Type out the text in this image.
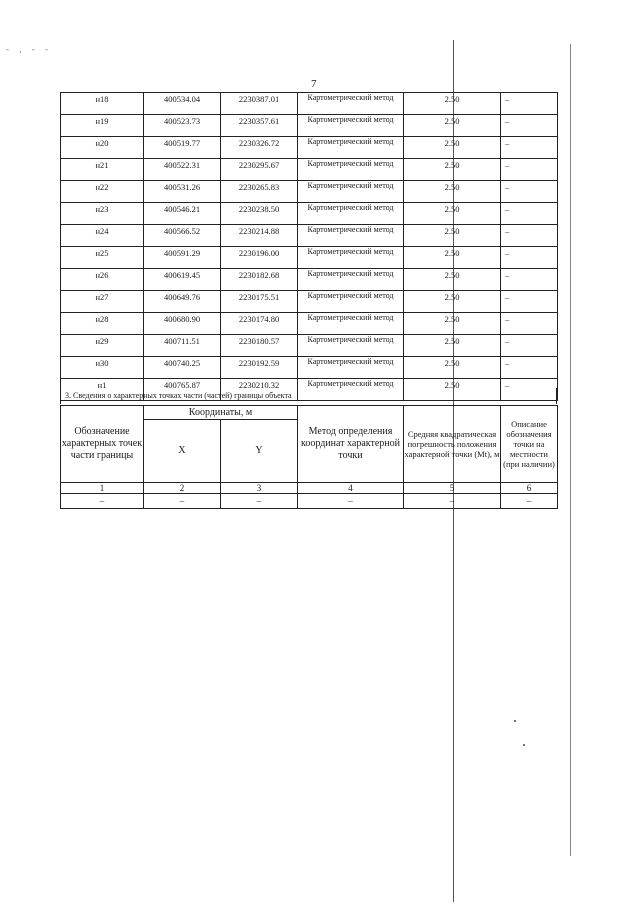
- , - -
7
н18	400534.04	2230387.01	Картометрический метод	2.50	–
н19	400523.73	2230357.61	Картометрический метод	2.50	–
н20	400519.77	2230326.72	Картометрический метод	2.50	–
н21	400522.31	2230295.67	Картометрический метод	2.50	–
н22	400531.26	2230265.83	Картометрический метод	2.50	–
н23	400546.21	2230238.50	Картометрический метод	2.50	–
н24	400566.52	2230214.88	Картометрический метод	2.50	–
н25	400591.29	2230196.00	Картометрический метод	2.50	–
н26	400619.45	2230182.68	Картометрический метод	2.50	–
н27	400649.76	2230175.51	Картометрический метод	2.50	–
н28	400680.90	2230174.80	Картометрический метод	2.50	–
н29	400711.51	2230180.57	Картометрический метод	2.50	–
н30	400740.25	2230192.59	Картометрический метод	2.50	–
н1	400765.87	2230210.32	Картометрический метод	2.50	–
3. Сведения о характерных точках части (частей) границы объекта
Обозначение характерных точек части границы	Координаты, м		Метод определения координат характерной точки	Средняя квадратическая погрешность положения характерной точки (Mt), м	Описание обозначения точки на местности (при наличии)
	X	Y			
1	2	3	4	5	6
–	–	–	–	–	–
